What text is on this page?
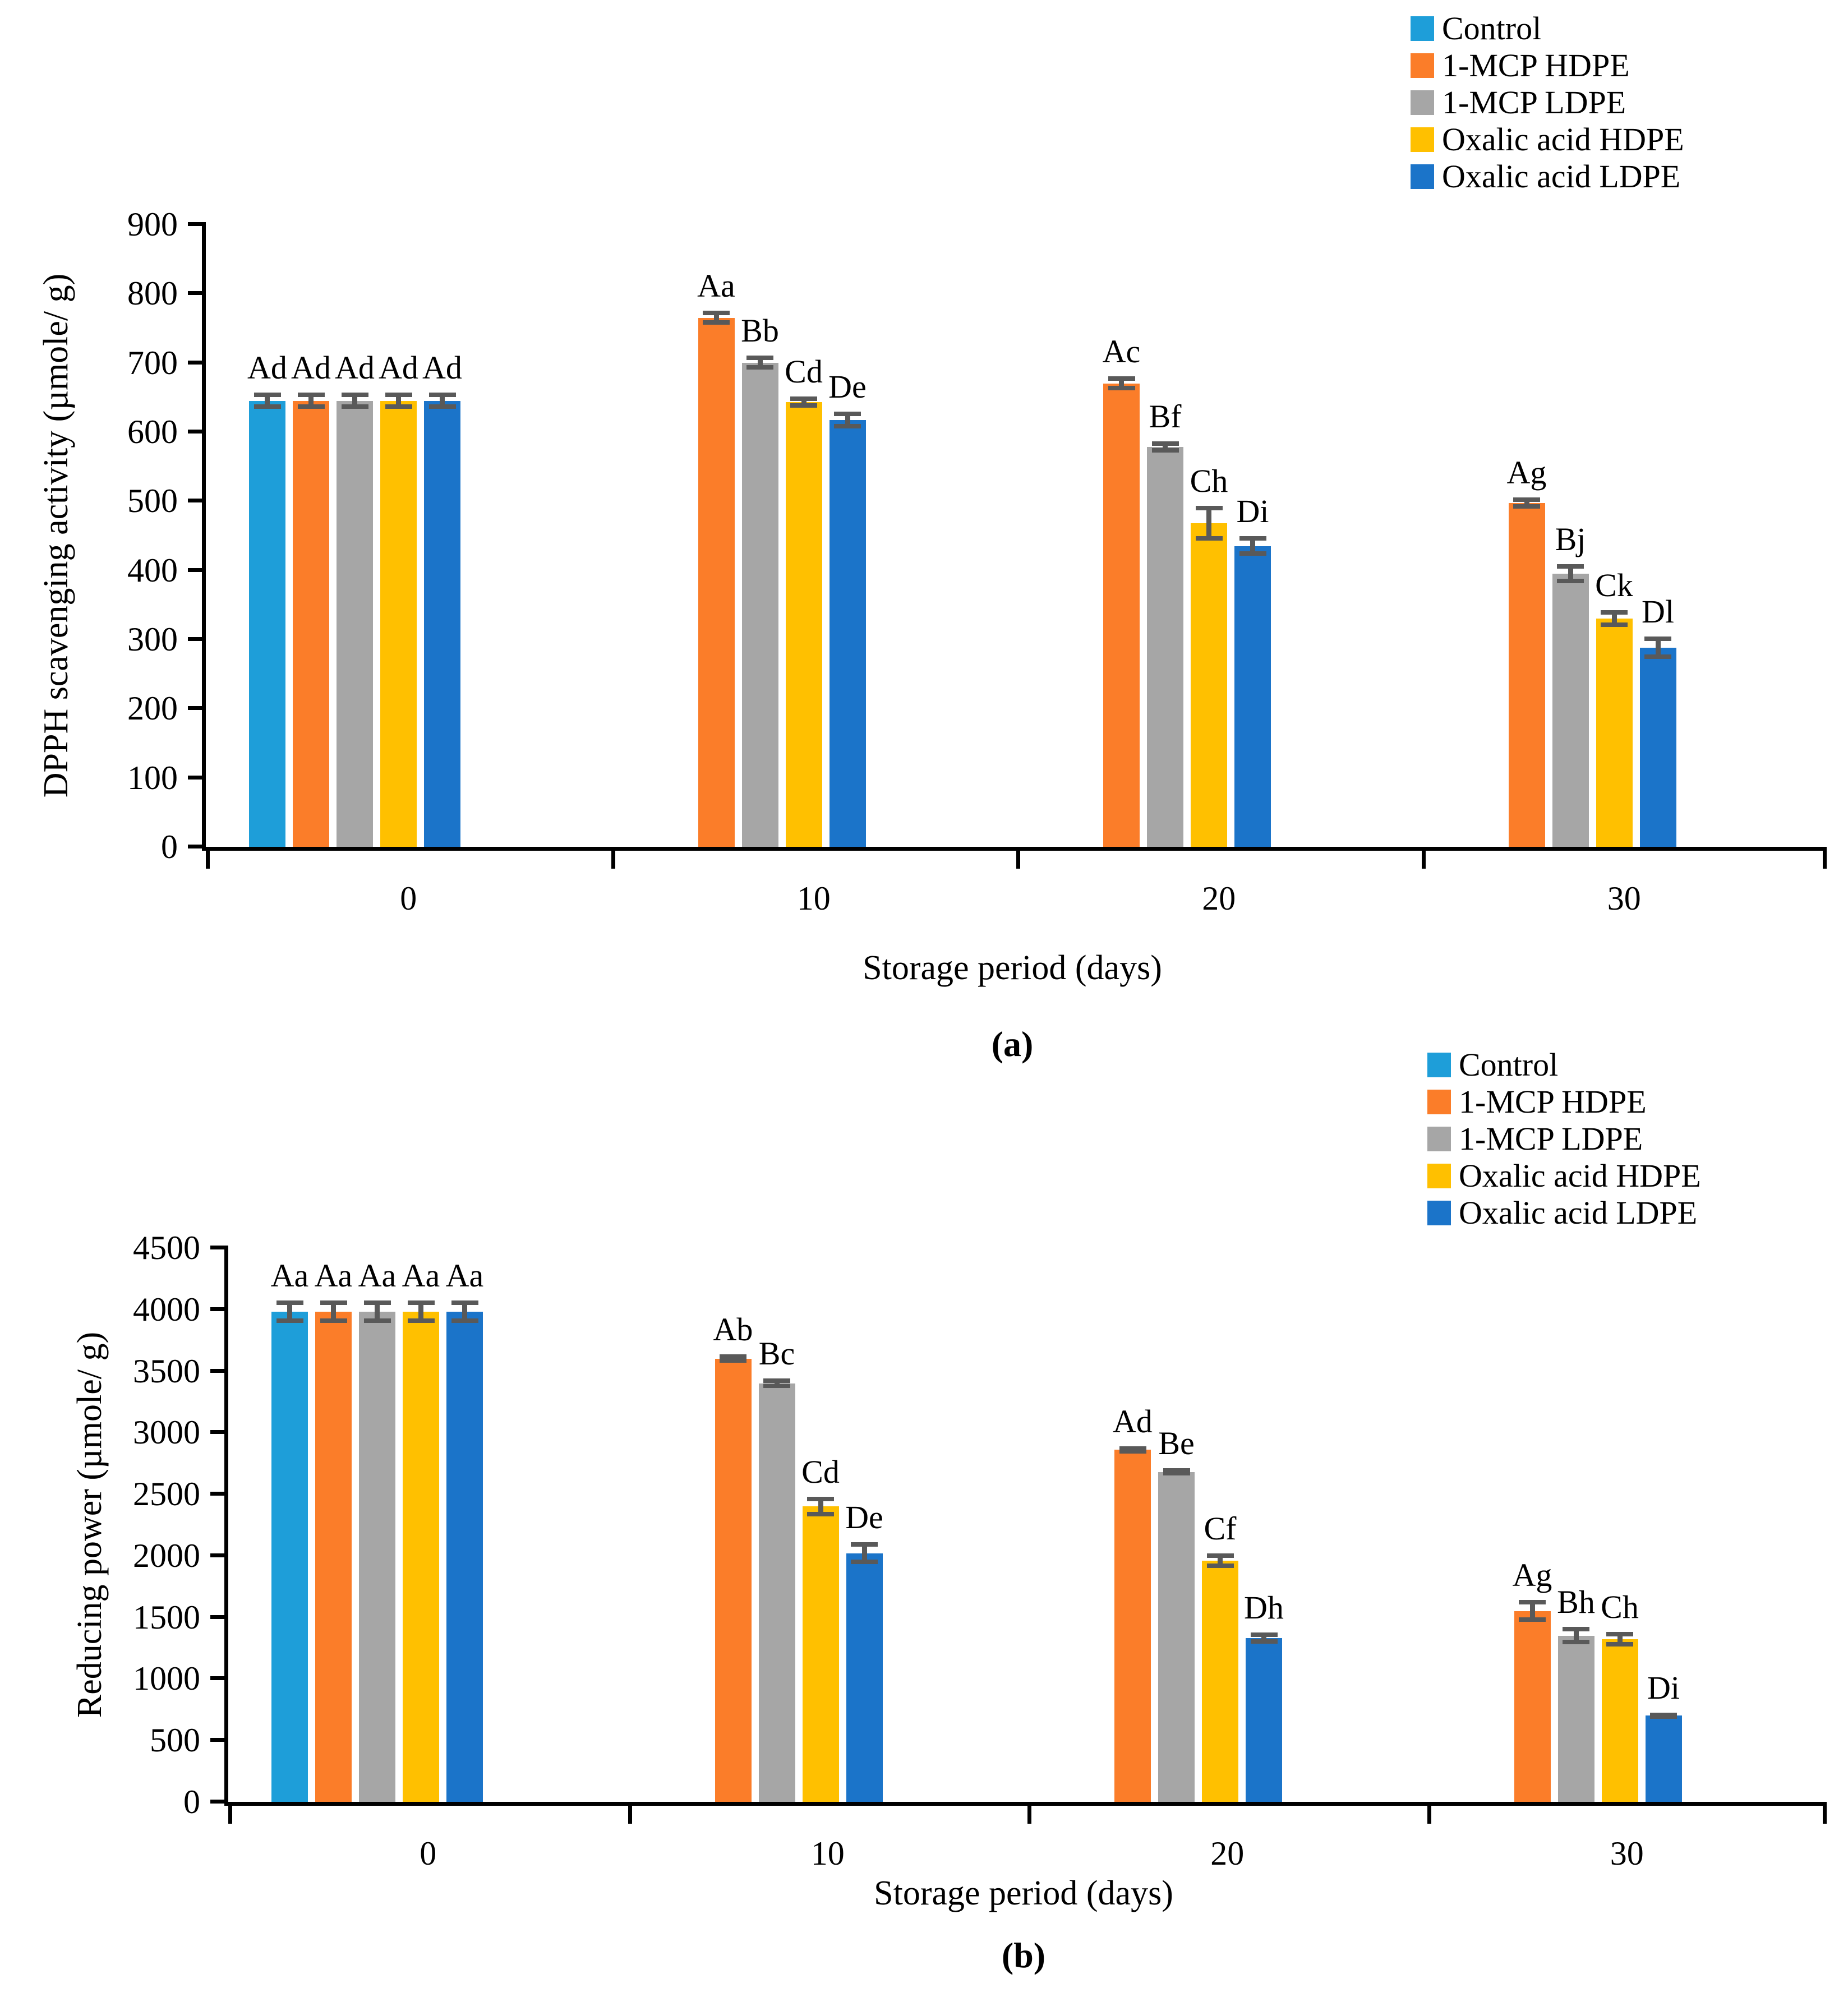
Control
1-MCP HDPE
1-MCP LDPE
Oxalic acid HDPE
Oxalic acid LDPE
DPPH scavenging activity (µmole/ g)
0
100
200
300
400
500
600
700
800
900
0
Ad Ad Ad Ad Ad
10
Aa
Bb
Cd De
20
Ac
Bf
Ch
Di
30
Ag
Bj
Ck
Dl
Storage period (days)
(a)
Control
1-MCP HDPE
1-MCP LDPE
Oxalic acid HDPE
Oxalic acid LDPE
Reducing power (µmole/ g)
0
500
1000
1500
2000
2500
3000
3500
4000
4500
0
Aa Aa Aa Aa Aa
10
Ab
Bc
Cd
De
20
Ad
Be
Cf
Dh
30
Ag
Bh Ch
Di
Storage period (days)
(b)
